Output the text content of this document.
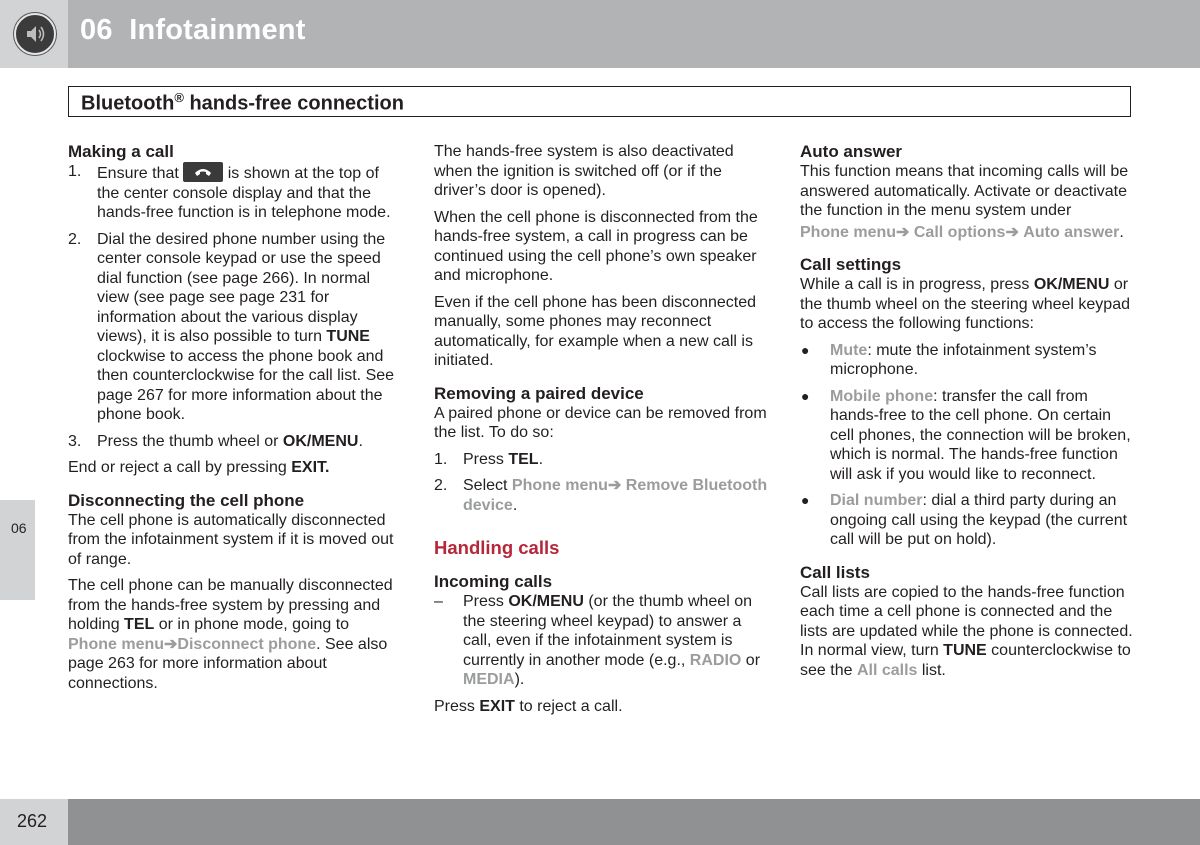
06 Infotainment
Bluetooth® hands-free connection
06

Making a call

1. Ensure that	is shown at the top of the center console display and that the hands-free function is in telephone mode.
2. Dial the desired phone number using the center console keypad or use the speed dial function (see page 266). In normal view (see page see page 231 for information about the various display views), it is also possible to turn TUNE clockwise to access the phone book and then counterclockwise for the call list. See page 267 for more information about the phone book.
3. Press the thumb wheel or OK/MENU.

End or reject a call by pressing EXIT.

Disconnecting the cell phone

The cell phone is automatically disconnected from the infotainment system if it is moved out of range.

The cell phone can be manually disconnected from the hands-free system by pressing and holding TEL or in phone mode, going to
Phone menu➔Disconnect phone. See also page 263 for more information about connections.

The hands-free system is also deactivated when the ignition is switched off (or if the driver’s door is opened).

When the cell phone is disconnected from the hands-free system, a call in progress can be continued using the cell phone’s own speaker and microphone.

Even if the cell phone has been disconnected manually, some phones may reconnect automatically, for example when a new call is initiated.

Removing a paired device

A paired phone or device can be removed from the list. To do so:

1. Press TEL.
2. Select Phone menu➔ Remove Bluetooth device.

Handling calls

Incoming calls

–	Press OK/MENU (or the thumb wheel on the steering wheel keypad) to answer a call, even if the infotainment system is currently in another mode (e.g., RADIO or MEDIA).

Press EXIT to reject a call.

Auto answer

This function means that incoming calls will be answered automatically. Activate or deactivate the function in the menu system under

Phone menu➔ Call options➔ Auto answer.

Call settings

While a call is in progress, press OK/MENU or the thumb wheel on the steering wheel keypad to access the following functions:

●	Mute: mute the infotainment system’s microphone.
●	Mobile phone: transfer the call from hands-free to the cell phone. On certain cell phones, the connection will be broken, which is normal. The hands-free function will ask if you would like to reconnect.
●	Dial number: dial a third party during an ongoing call using the keypad (the current call will be put on hold).

Call lists

Call lists are copied to the hands-free function each time a cell phone is connected and the lists are updated while the phone is connected. In normal view, turn TUNE counterclockwise to see the All calls list.

262
